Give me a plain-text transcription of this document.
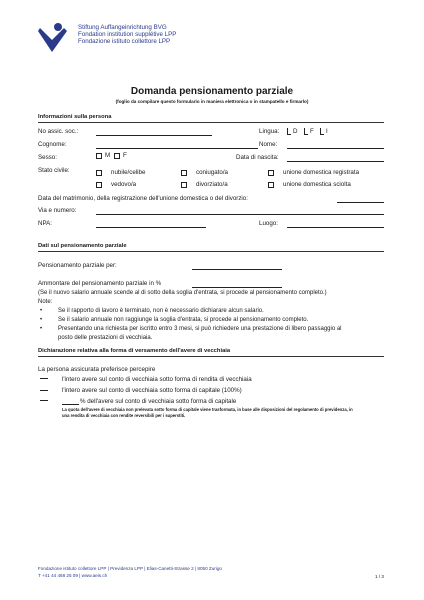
Stiftung Auffangeinrichtung BVG
Fondation institution supplétive LPP
Fondazione istituto collettore LPP
Domanda pensionamento parziale
(foglio da compilare questo formulario in maniera elettronica o in stampatello e firmarlo)
Informazioni sulla persona
No assic. soc.:	Lingua: D F I
Cognome:	Nome:
Sesso:	M F	Data di nascita:
Stato civile:	nubile/celibe	coniugato/a	unione domestica registrata
vedovo/a	divorziato/a	unione domestica sciolta
Data del matrimonio, della registrazione dell'unione domestica o del divorzio:
Via e numero:
NPA:	Luogo:
Dati sul pensionamento parziale
Pensionamento parziale per:
Ammontare del pensionamento parziale in %
(Se il nuovo salario annuale scende al di sotto della soglia d'entrata, si procede al pensionamento completo.)
Note:
•	Se il rapporto di lavoro è terminato, non è necessario dichiarare alcun salario.
•	Se il salario annuale non raggiunge la soglia d'entrata, si procede al pensionamento completo.
•	Presentando una richiesta per iscritto entro 3 mesi, si può richiedere una prestazione di libero passaggio al
posto delle prestazioni di vecchiaia.
Dichiarazione relativa alla forma di versamento dell'avere di vecchiaia
La persona assicurata preferisce percepire
l'intero avere sul conto di vecchiaia sotto forma di rendita di vecchiaia
l'intero avere sul conto di vecchiaia sotto forma di capitale (100%)
% dell'avere sul conto di vecchiaia sotto forma di capitale
La quota dell'avere di vecchiaia non prelevata sotto forma di capitale viene trasformata, in base alle disposizioni del regolamento di previdenza, in
una rendita di vecchiaia con rendite reversibili per i superstiti.
Fondazione istituto collettore LPP | Previdenza LPP | Elias-Canetti-Strasse 2 | 8050 Zurigo
T +41 44 468 25 09 | www.aeis.ch	1 / 3
